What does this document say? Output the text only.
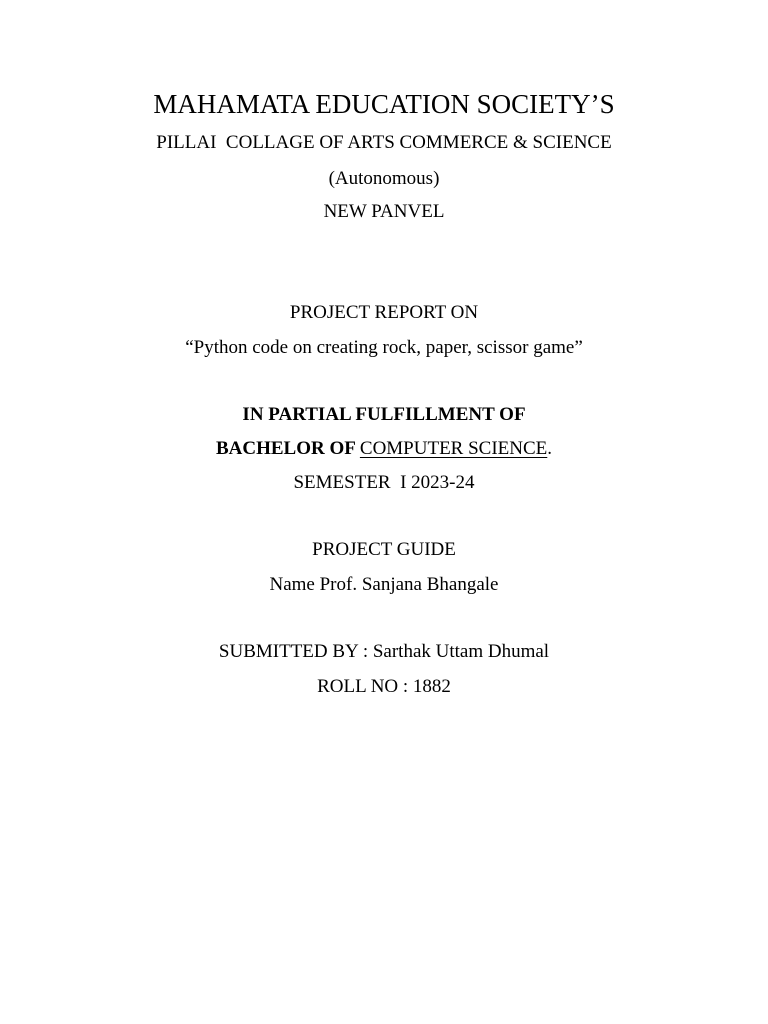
MAHAMATA EDUCATION SOCIETY’S
PILLAI  COLLAGE OF ARTS COMMERCE & SCIENCE
(Autonomous)
NEW PANVEL
PROJECT REPORT ON
“Python code on creating rock, paper, scissor game”
IN PARTIAL FULFILLMENT OF
BACHELOR OF COMPUTER SCIENCE.
SEMESTER  I 2023-24
PROJECT GUIDE
Name Prof. Sanjana Bhangale
SUBMITTED BY : Sarthak Uttam Dhumal
ROLL NO : 1882
